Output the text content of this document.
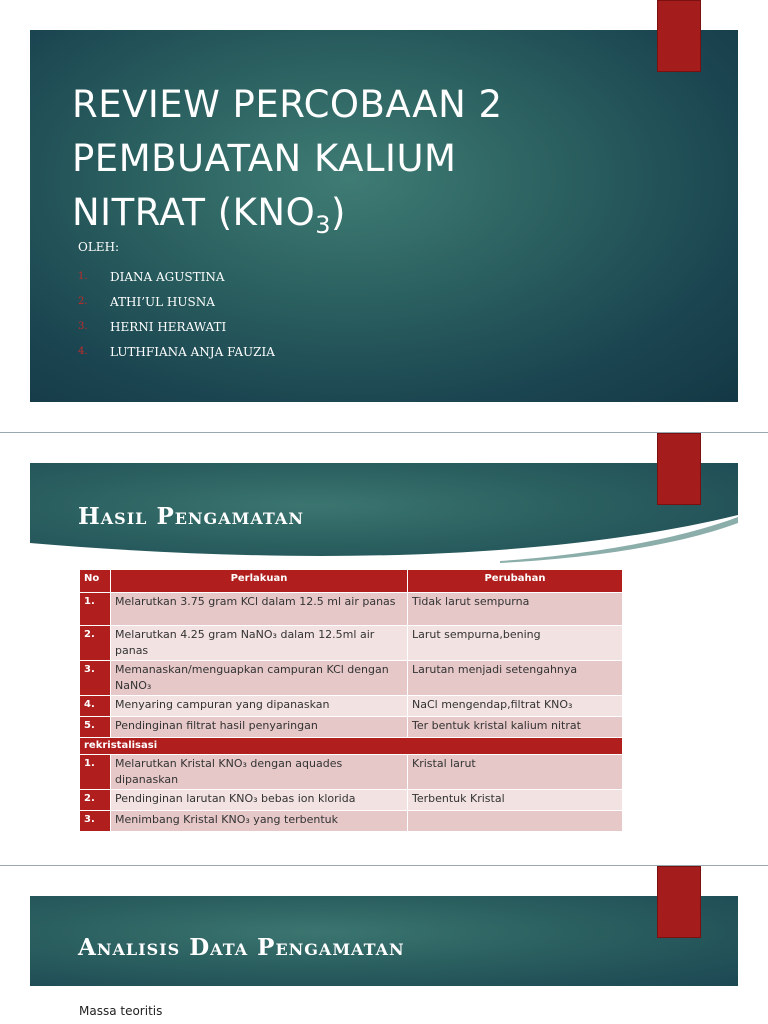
REVIEW PERCOBAAN 2
PEMBUATAN KALIUM
NITRAT $(KNO_3)$
OLEH:
1.	DIANA AGUSTINA
2.	ATHI’UL HUSNA
3.	HERNI HERAWATI
4.	LUTHFIANA ANJA FAUZIA
Hasil Pengamatan
No	Perlakuan	Perubahan
1.	Melarutkan 3.75 gram KCl dalam 12.5 ml air panas	Tidak larut sempurna
2.	Melarutkan 4.25 gram NaNO₃ dalam 12.5ml air panas	Larut sempurna,bening
3.	Memanaskan/menguapkan campuran KCl dengan NaNO₃	Larutan menjadi setengahnya
4.	Menyaring campuran yang dipanaskan	NaCl mengendap,filtrat KNO₃
5.	Pendinginan filtrat hasil penyaringan	Ter bentuk kristal kalium nitrat
rekristalisasi		
1.	Melarutkan Kristal KNO₃ dengan aquades dipanaskan	Kristal larut
2.	Pendinginan larutan KNO₃ bebas ion klorida	Terbentuk Kristal
3.	Menimbang Kristal KNO₃ yang terbentuk	
Analisis Data Pengamatan
Massa teoritis
